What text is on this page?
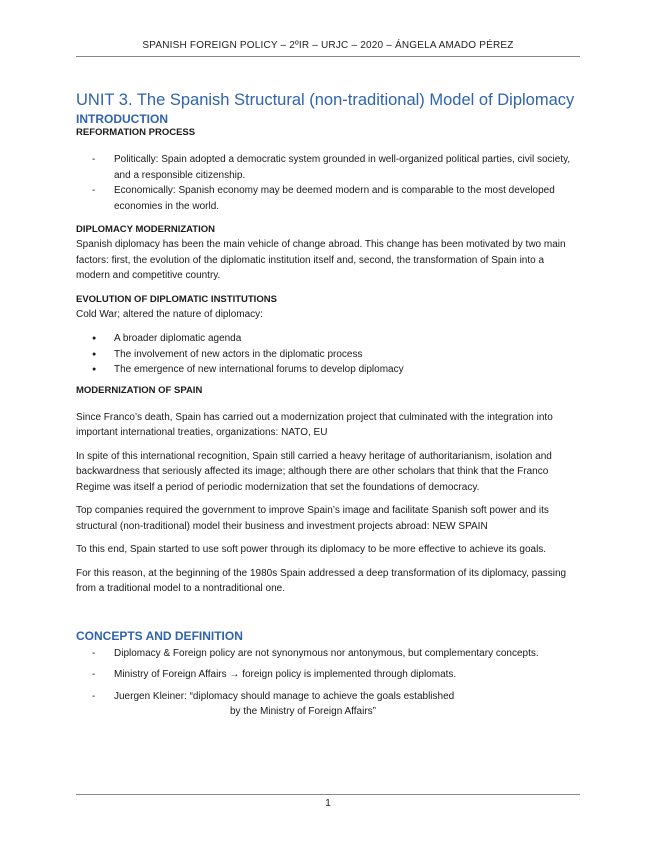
SPANISH FOREIGN POLICY – 2ºIR – URJC – 2020 – ÁNGELA AMADO PÉREZ
UNIT 3. The Spanish Structural (non-traditional) Model of Diplomacy
INTRODUCTION
REFORMATION PROCESS
- Politically: Spain adopted a democratic system grounded in well-organized political parties, civil society, and a responsible citizenship.
- Economically: Spanish economy may be deemed modern and is comparable to the most developed economies in the world.
DIPLOMACY MODERNIZATION

Spanish diplomacy has been the main vehicle of change abroad. This change has been motivated by two main factors: first, the evolution of the diplomatic institution itself and, second, the transformation of Spain into a modern and competitive country.

EVOLUTION OF DIPLOMATIC INSTITUTIONS

Cold War; altered the nature of diplomacy:

● A broader diplomatic agenda
● The involvement of new actors in the diplomatic process
● The emergence of new international forums to develop diplomacy
MODERNIZATION OF SPAIN

Since Franco’s death, Spain has carried out a modernization project that culminated with the integration into important international treaties, organizations: NATO, EU

In spite of this international recognition, Spain still carried a heavy heritage of authoritarianism, isolation and backwardness that seriously affected its image; although there are other scholars that think that the Franco Regime was itself a period of periodic modernization that set the foundations of democracy.

Top companies required the government to improve Spain’s image and facilitate Spanish soft power and its structural (non-traditional) model their business and investment projects abroad: NEW SPAIN

To this end, Spain started to use soft power through its diplomacy to be more effective to achieve its goals.

For this reason, at the beginning of the 1980s Spain addressed a deep transformation of its diplomacy, passing from a traditional model to a nontraditional one.

CONCEPTS AND DEFINITION
- Diplomacy & Foreign policy are not synonymous nor antonymous, but complementary concepts.
- Ministry of Foreign Affairs → foreign policy is implemented through diplomats.
- Juergen Kleiner: “diplomacy should manage to achieve the goals established
by the Ministry of Foreign Affairs”
1
